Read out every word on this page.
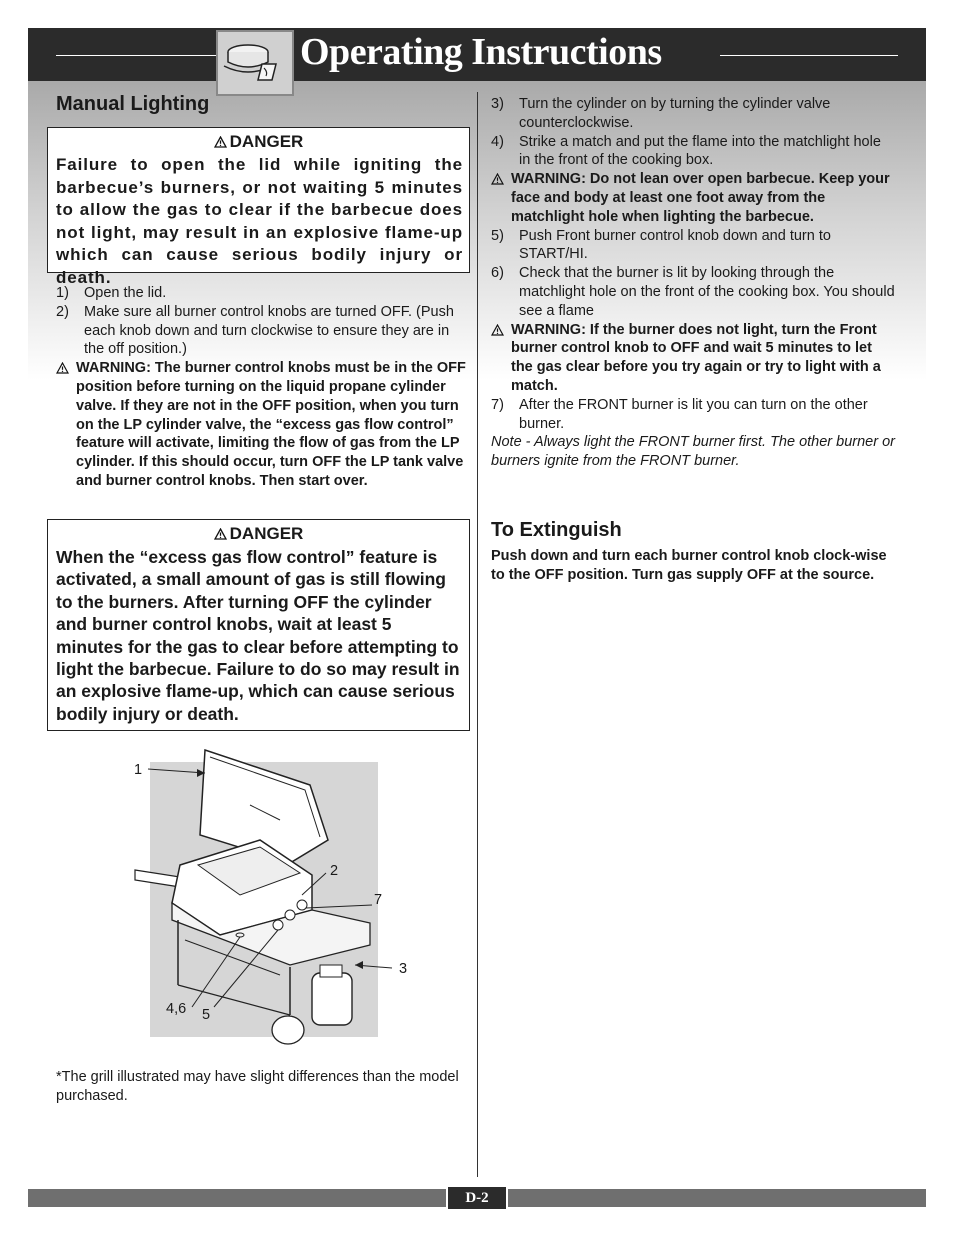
Operating Instructions
Manual Lighting
DANGER
Failure to open the lid while igniting the barbecue’s burners, or not waiting 5 minutes to allow the gas to clear if the barbecue does not light, may result in an explosive flame-up which can cause serious bodily injury or death.
1)	Open the lid.
2)	Make sure all burner control knobs are turned OFF. (Push each knob down and turn clockwise to ensure they are in the off position.)
WARNING: The burner control knobs must be in the OFF position before turning on the liquid propane cylinder valve. If they are not in the OFF position, when you turn on the LP cylinder valve, the “excess gas flow control” feature will activate, limiting the flow of gas from the LP cylinder. If this should occur, turn OFF the LP tank valve and burner control knobs. Then start over.
DANGER
When the “excess gas flow control” feature is activated, a small amount of gas is still flowing to the burners. After turning OFF the cylinder and burner control knobs, wait at least 5 minutes for the gas to clear before attempting to light the barbecue. Failure to do so may result in an explosive flame-up, which can cause serious bodily injury or death.
1
2
7
3
4,6 5
*The grill illustrated may have slight differences than the model purchased.
3)	Turn the cylinder on by turning the cylinder valve counterclockwise.
4)	Strike a match and put the flame into the matchlight hole in the front of the cooking box.
WARNING: Do not lean over open barbecue. Keep your face and body at least one foot away from the matchlight hole when lighting the barbecue.
5)	Push Front burner control knob down and turn to START/HI.
6)	Check that the burner is lit by looking through the matchlight hole on the front of the cooking box. You should see a flame
WARNING: If the burner does not light, turn the Front burner control knob to OFF and wait 5 minutes to let the gas clear before you try again or try to light with a match.
7)	After the FRONT burner is lit you can turn on the other burner.
Note - Always light the FRONT burner first. The other burner or burners ignite from the FRONT burner.
To Extinguish
Push down and turn each burner control knob clock-wise to the OFF position. Turn gas supply OFF at the source.
D-2
